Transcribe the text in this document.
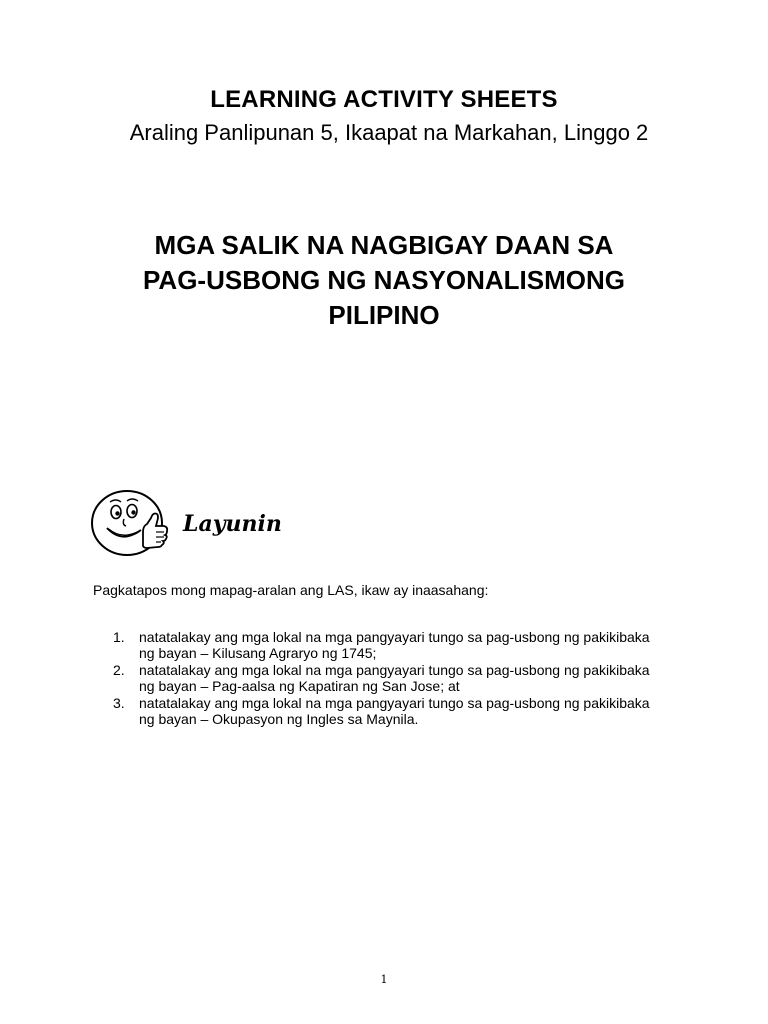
LEARNING ACTIVITY SHEETS
Araling Panlipunan 5, Ikaapat na Markahan, Linggo 2
MGA SALIK NA NAGBIGAY DAAN SA
PAG-USBONG NG NASYONALISMONG
PILIPINO
Layunin
Pagkatapos mong mapag-aralan ang LAS, ikaw ay inaasahang:
1. natatalakay ang mga lokal na mga pangyayari tungo sa pag-usbong ng pakikibaka
ng bayan – Kilusang Agraryo ng 1745;
2. natatalakay ang mga lokal na mga pangyayari tungo sa pag-usbong ng pakikibaka
ng bayan – Pag-aalsa ng Kapatiran ng San Jose; at
3. natatalakay ang mga lokal na mga pangyayari tungo sa pag-usbong ng pakikibaka
ng bayan – Okupasyon ng Ingles sa Maynila.
1
